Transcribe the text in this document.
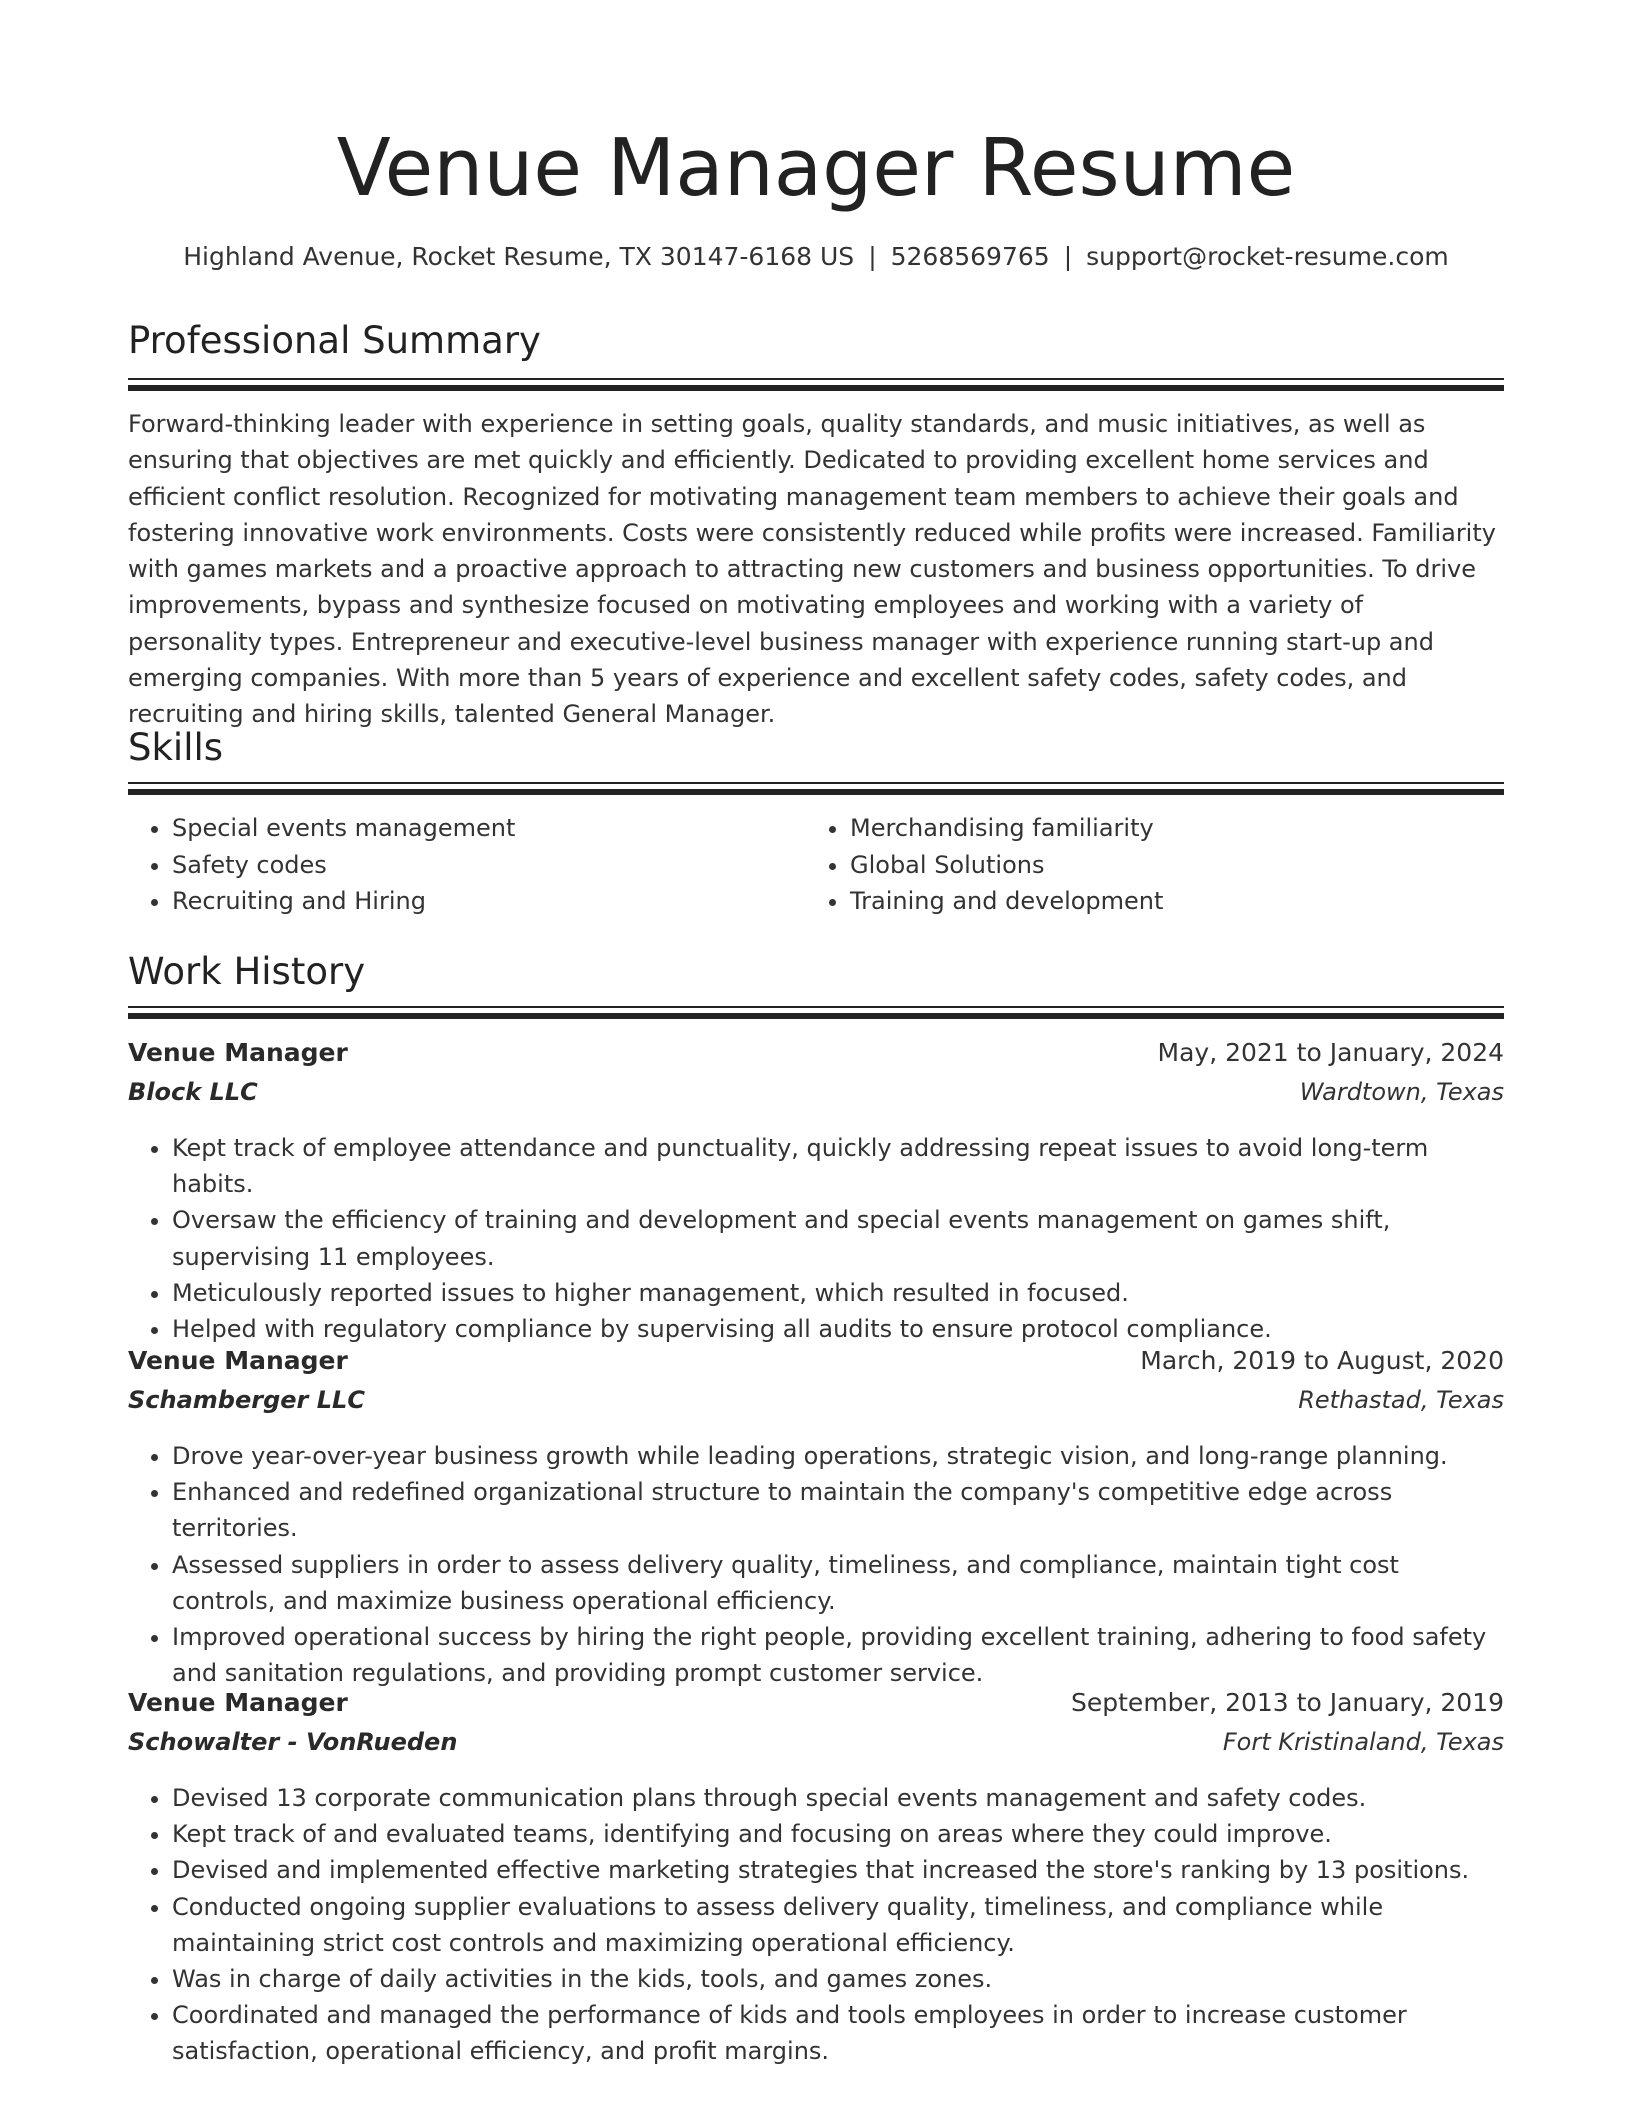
Venue Manager Resume
Highland Avenue, Rocket Resume, TX 30147-6168 US | 5268569765 | support@rocket-resume.com
Professional Summary

Forward-thinking leader with experience in setting goals, quality standards, and music initiatives, as well as ensuring that objectives are met quickly and efficiently. Dedicated to providing excellent home services and efficient conflict resolution. Recognized for motivating management team members to achieve their goals and fostering innovative work environments. Costs were consistently reduced while profits were increased. Familiarity with games markets and a proactive approach to attracting new customers and business opportunities. To drive improvements, bypass and synthesize focused on motivating employees and working with a variety of personality types. Entrepreneur and executive-level business manager with experience running start-up and emerging companies. With more than 5 years of experience and excellent safety codes, safety codes, and recruiting and hiring skills, talented General Manager.

Skills
• Special events management
• Safety codes
• Recruiting and Hiring
• Merchandising familiarity
• Global Solutions
• Training and development
Work History
Venue Manager	May, 2021 to January, 2024
Block LLC	Wardtown, Texas
• Kept track of employee attendance and punctuality, quickly addressing repeat issues to avoid long-term habits.
• Oversaw the efficiency of training and development and special events management on games shift, supervising 11 employees.
• Meticulously reported issues to higher management, which resulted in focused.
• Helped with regulatory compliance by supervising all audits to ensure protocol compliance.
Venue Manager	March, 2019 to August, 2020
Schamberger LLC	Rethastad, Texas
• Drove year-over-year business growth while leading operations, strategic vision, and long-range planning.
• Enhanced and redefined organizational structure to maintain the company's competitive edge across territories.
• Assessed suppliers in order to assess delivery quality, timeliness, and compliance, maintain tight cost controls, and maximize business operational efficiency.
• Improved operational success by hiring the right people, providing excellent training, adhering to food safety and sanitation regulations, and providing prompt customer service.
Venue Manager	September, 2013 to January, 2019
Schowalter - VonRueden	Fort Kristinaland, Texas
• Devised 13 corporate communication plans through special events management and safety codes.
• Kept track of and evaluated teams, identifying and focusing on areas where they could improve.
• Devised and implemented effective marketing strategies that increased the store's ranking by 13 positions.
• Conducted ongoing supplier evaluations to assess delivery quality, timeliness, and compliance while maintaining strict cost controls and maximizing operational efficiency.
• Was in charge of daily activities in the kids, tools, and games zones.
• Coordinated and managed the performance of kids and tools employees in order to increase customer satisfaction, operational efficiency, and profit margins.
